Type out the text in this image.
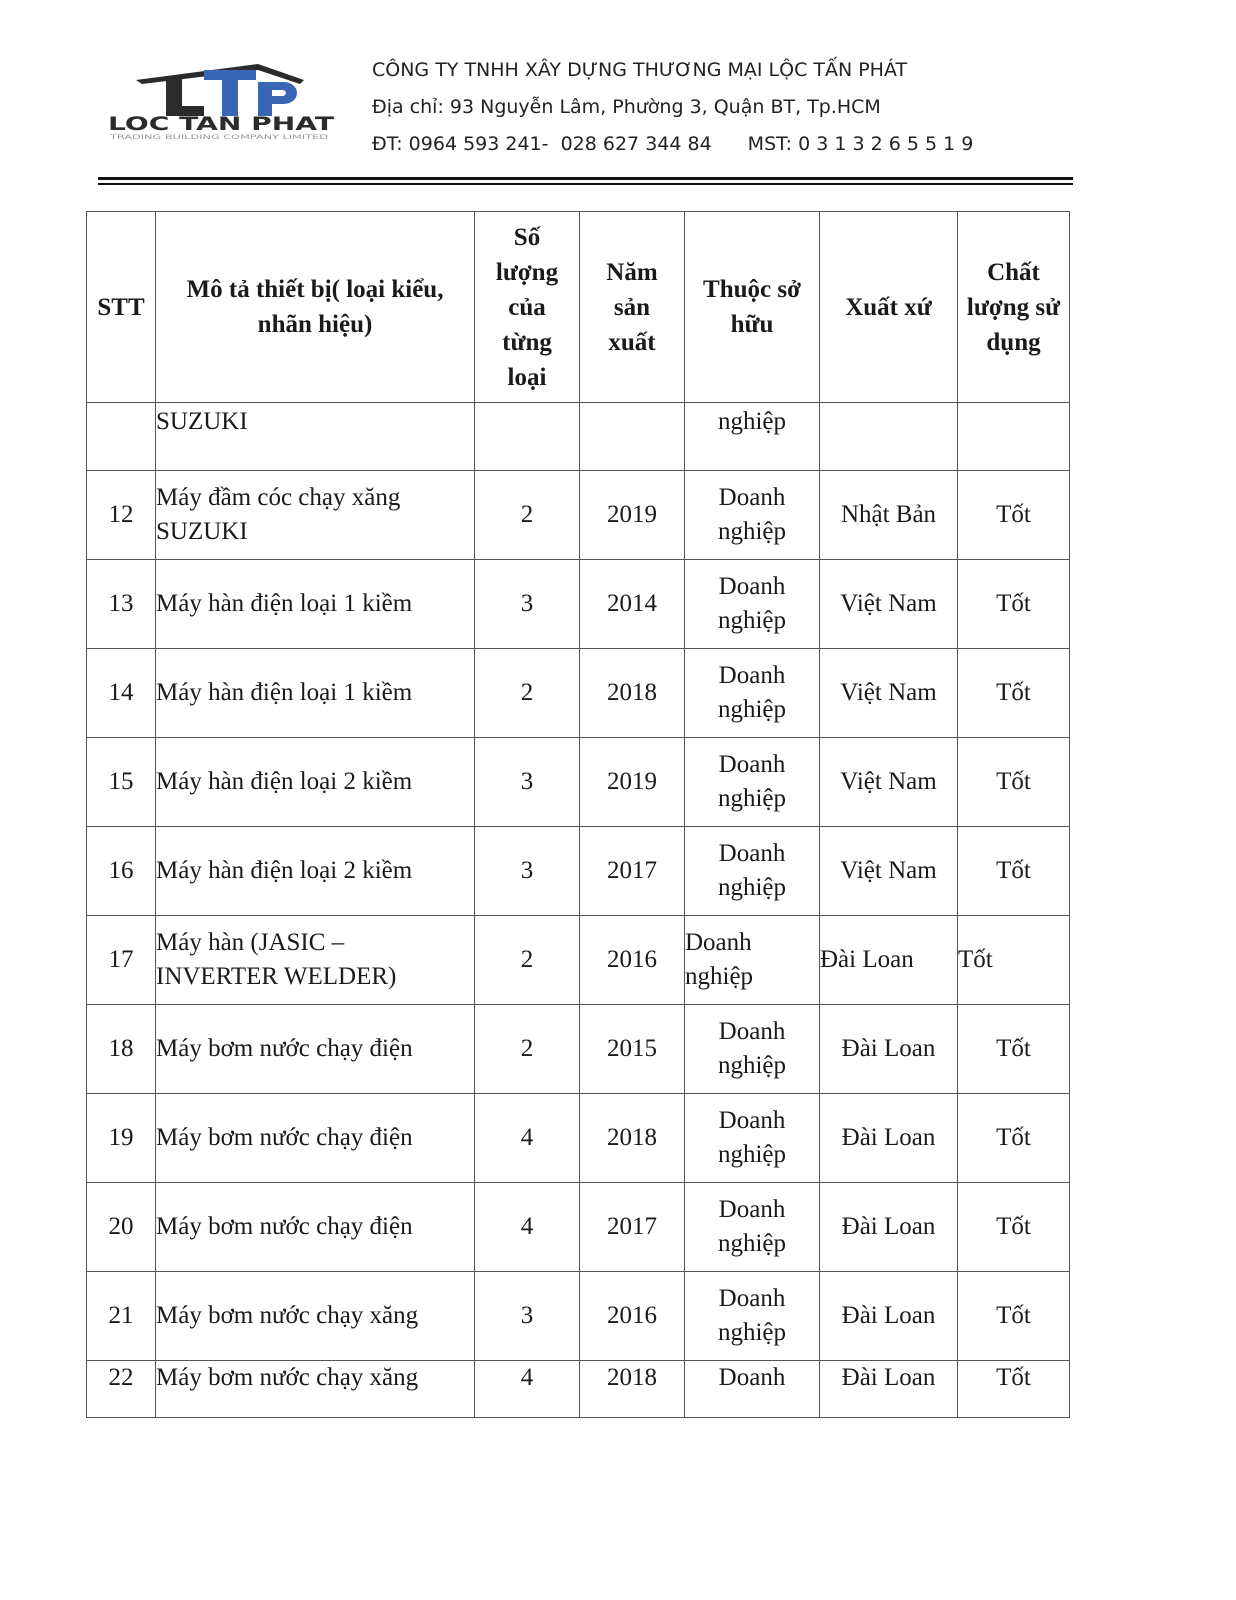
LOC TAN PHAT
TRADING BUILDING COMPANY LIMITED
CÔNG TY TNHH XÂY DỰNG THƯƠNG MẠI LỘC TẤN PHÁT
Địa chỉ: 93 Nguyễn Lâm, Phường 3, Quận BT, Tp.HCM
ĐT: 0964 593 241-  028 627 344 84 MST: 0 3 1 3 2 6 5 5 1 9
STT	Mô tả thiết bị( loại kiểu, nhãn hiệu)	Số lượng của từng loại	Năm sản xuất	Thuộc sở hữu	Xuất xứ	Chất lượng sử dụng
	SUZUKI			nghiệp		
12	Máy đầm cóc chạy xăng SUZUKI	2	2019	Doanh nghiệp	Nhật Bản	Tốt
13	Máy hàn điện loại 1 kiềm	3	2014	Doanh nghiệp	Việt Nam	Tốt
14	Máy hàn điện loại 1 kiềm	2	2018	Doanh nghiệp	Việt Nam	Tốt
15	Máy hàn điện loại 2 kiềm	3	2019	Doanh nghiệp	Việt Nam	Tốt
16	Máy hàn điện loại 2 kiềm	3	2017	Doanh nghiệp	Việt Nam	Tốt
17	Máy hàn (JASIC – INVERTER WELDER)	2	2016	Doanh nghiệp	Đài Loan	Tốt
18	Máy bơm nước chạy điện	2	2015	Doanh nghiệp	Đài Loan	Tốt
19	Máy bơm nước chạy điện	4	2018	Doanh nghiệp	Đài Loan	Tốt
20	Máy bơm nước chạy điện	4	2017	Doanh nghiệp	Đài Loan	Tốt
21	Máy bơm nước chạy xăng	3	2016	Doanh nghiệp	Đài Loan	Tốt
22	Máy bơm nước chạy xăng	4	2018	Doanh	Đài Loan	Tốt
